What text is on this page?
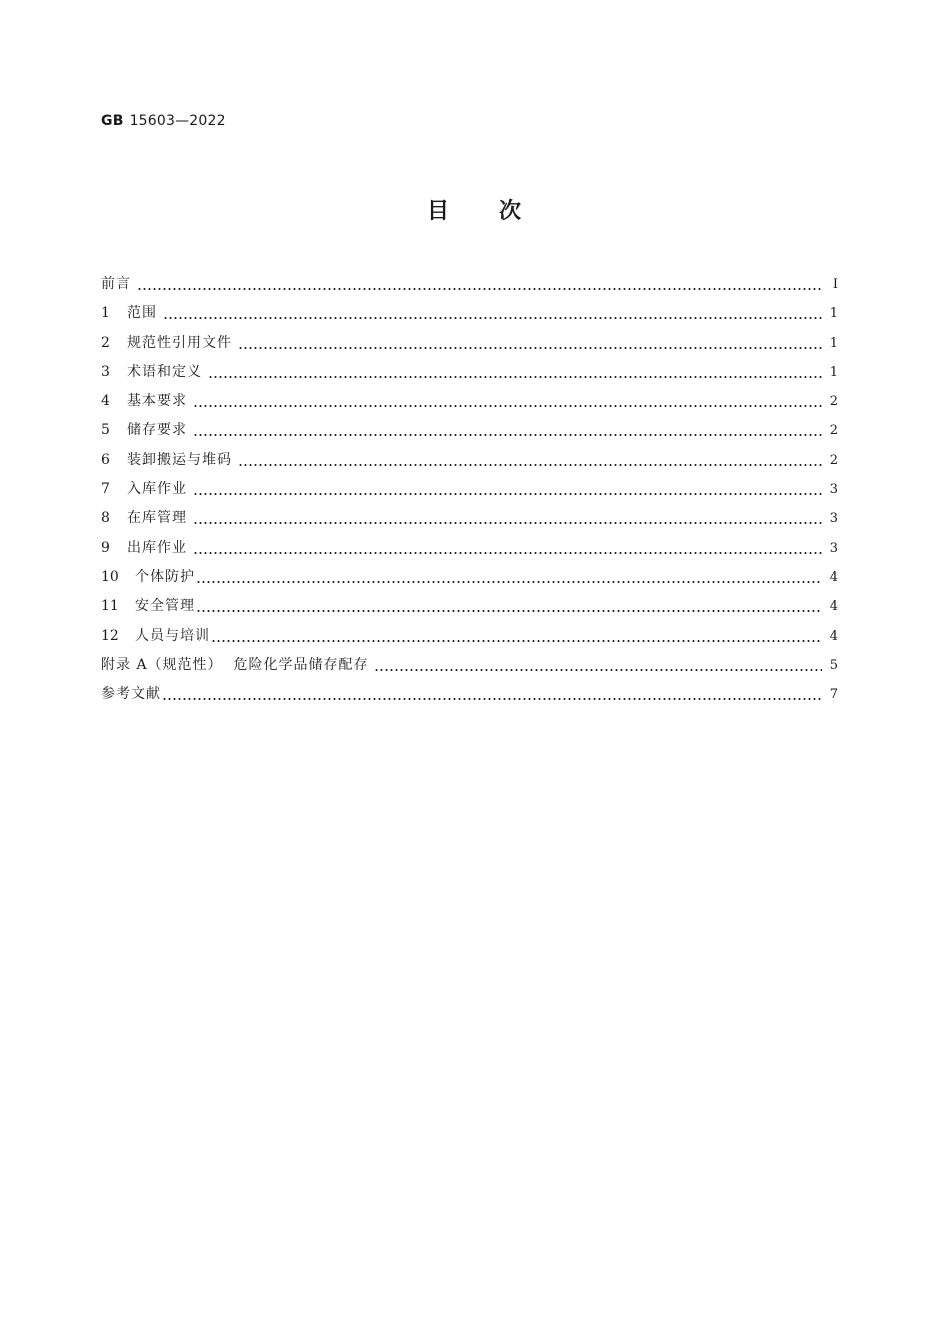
GB 15603—2022
目 次
前言	Ⅰ
1	范围	1
2	规范性引用文件	1
3	术语和定义	1
4	基本要求	2
5	储存要求	2
6	装卸搬运与堆码	2
7	入库作业	3
8	在库管理	3
9	出库作业	3
10	个体防护	4
11	安全管理	4
12	人员与培训	4
附录 A（规范性）  危险化学品储存配存	5
参考文献	7
